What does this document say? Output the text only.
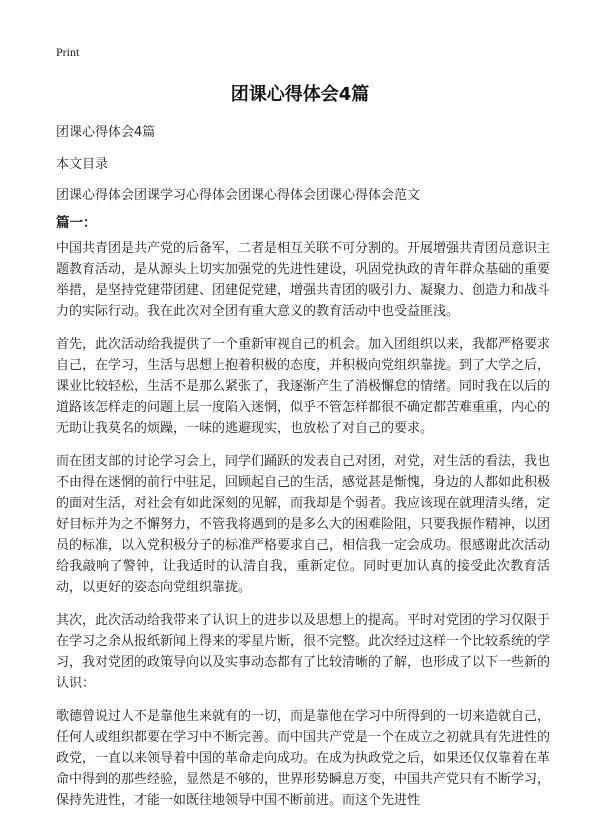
Print
团课心得体会4篇
团课心得体会4篇
本文目录
团课心得体会团课学习心得体会团课心得体会团课心得体会范文
篇一：

中国共青团是共产党的后备军，二者是相互关联不可分割的。开展增强共青团员意识主题教育活动，是从源头上切实加强党的先进性建设，巩固党执政的青年群众基础的重要举措，是坚持党建带团建、团建促党建，增强共青团的吸引力、凝聚力、创造力和战斗力的实际行动。我在此次对全团有重大意义的教育活动中也受益匪浅。

首先，此次活动给我提供了一个重新审视自己的机会。加入团组织以来，我都严格要求自己，在学习，生活与思想上抱着积极的态度，并积极向党组织靠拢。到了大学之后，课业比较轻松，生活不是那么紧张了，我逐渐产生了消极懈怠的情绪。同时我在以后的道路该怎样走的问题上层一度陷入迷惘，似乎不管怎样都很不确定都苦难重重，内心的无助让我莫名的烦躁，一味的逃避现实，也放松了对自己的要求。

而在团支部的讨论学习会上，同学们踊跃的发表自己对团，对党，对生活的看法，我也不由得在迷惘的前行中驻足，回顾起自己的生活，感觉甚是惭愧，身边的人都如此积极的面对生活，对社会有如此深刻的见解，而我却是个弱者。我应该现在就理清头绪，定好目标并为之不懈努力，不管我将遇到的是多么大的困难险阻，只要我振作精神，以团员的标准，以入党积极分子的标准严格要求自己，相信我一定会成功。很感谢此次活动给我敲响了警钟，让我适时的认清自我，重新定位。同时更加认真的接受此次教育活动，以更好的姿态向党组织靠拢。

其次，此次活动给我带来了认识上的进步以及思想上的提高。平时对党团的学习仅限于在学习之余从报纸新闻上得来的零星片断，很不完整。此次经过这样一个比较系统的学习，我对党团的政策导向以及实事动态都有了比较清晰的了解，也形成了以下一些新的认识：

歌德曾说过人不是靠他生来就有的一切，而是靠他在学习中所得到的一切来造就自己，任何人或组织都要在学习中不断完善。而中国共产党是一个在成立之初就具有先进性的政党，一直以来领导着中国的革命走向成功。在成为执政党之后，如果还仅仅靠着在革命中得到的那些经验，显然是不够的，世界形势瞬息万变，中国共产党只有不断学习，保持先进性，才能一如既往地领导中国不断前进。而这个先进性
